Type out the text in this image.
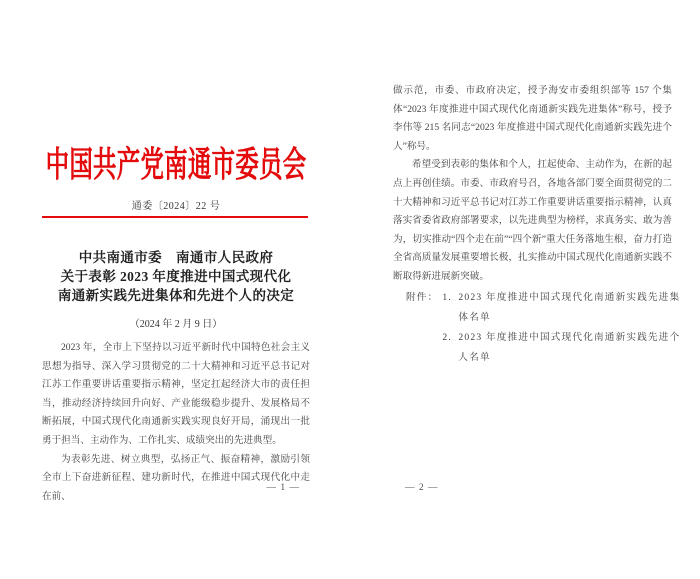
中国共产党南通市委员会
通委〔2024〕22 号
中共南通市委　南通市人民政府
关于表彰 2023 年度推进中国式现代化
南通新实践先进集体和先进个人的决定
（2024 年 2 月 9 日）

2023 年，全市上下坚持以习近平新时代中国特色社会主义思想为指导、深入学习贯彻党的二十大精神和习近平总书记对江苏工作重要讲话重要指示精神，坚定扛起经济大市的责任担当，推动经济持续回升向好、产业能级稳步提升、发展格局不断拓展，中国式现代化南通新实践实现良好开局，涌现出一批勇于担当、主动作为、工作扎实、成绩突出的先进典型。

为表彰先进、树立典型，弘扬正气、振奋精神，激励引领全市上下奋进新征程、建功新时代，在推进中国式现代化中走在前、

— 1 —

做示范，市委、市政府决定，授予海安市委组织部等 157 个集体“2023 年度推进中国式现代化南通新实践先进集体”称号，授予李伟等 215 名同志“2023 年度推进中国式现代化南通新实践先进个人”称号。

希望受到表彰的集体和个人，扛起使命、主动作为，在新的起点上再创佳绩。市委、市政府号召，各地各部门要全面贯彻党的二十大精神和习近平总书记对江苏工作重要讲话重要指示精神，认真落实省委省政府部署要求，以先进典型为榜样，求真务实、敢为善为，切实推动“四个走在前”“四个新”重大任务落地生根，奋力打造全省高质量发展重要增长极，扎实推动中国式现代化南通新实践不断取得新进展新突破。

附件： 1. 2023 年度推进中国式现代化南通新实践先进集体名单
2. 2023 年度推进中国式现代化南通新实践先进个人名单
— 2 —
